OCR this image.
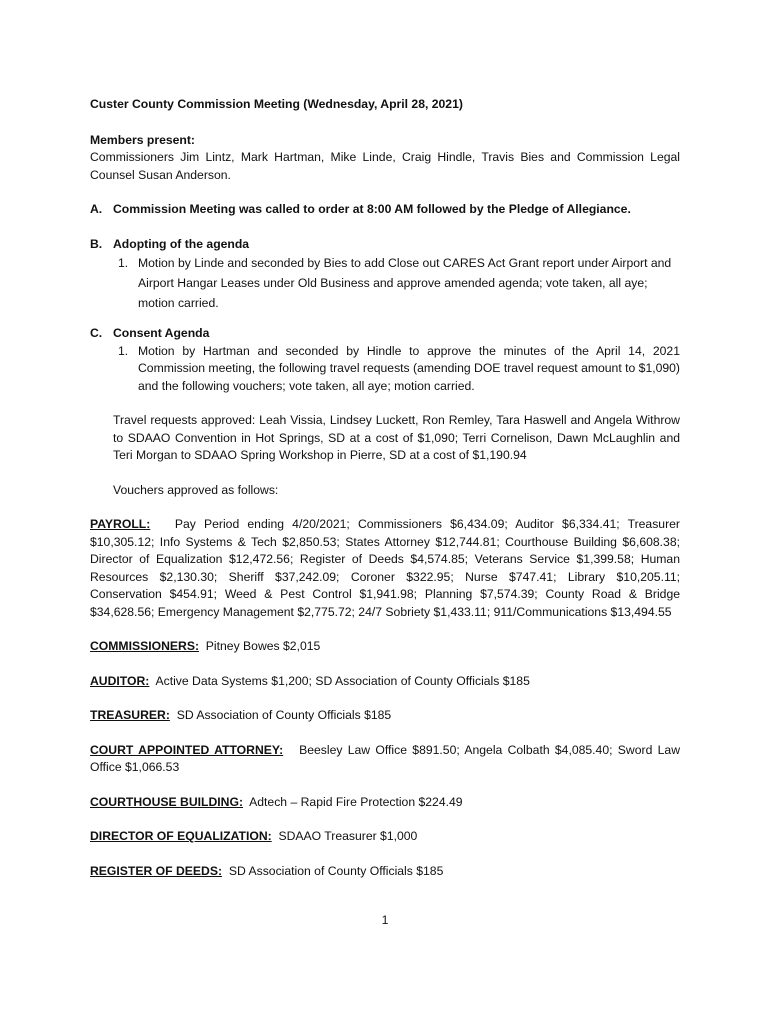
Custer County Commission Meeting (Wednesday, April 28, 2021)
Members present:
Commissioners Jim Lintz, Mark Hartman, Mike Linde, Craig Hindle, Travis Bies and Commission Legal Counsel Susan Anderson.
A. Commission Meeting was called to order at 8:00 AM followed by the Pledge of Allegiance.
B. Adopting of the agenda
1. Motion by Linde and seconded by Bies to add Close out CARES Act Grant report under Airport and Airport Hangar Leases under Old Business and approve amended agenda; vote taken, all aye; motion carried.
C. Consent Agenda
1. Motion by Hartman and seconded by Hindle to approve the minutes of the April 14, 2021 Commission meeting, the following travel requests (amending DOE travel request amount to $1,090) and the following vouchers; vote taken, all aye; motion carried.
Travel requests approved: Leah Vissia, Lindsey Luckett, Ron Remley, Tara Haswell and Angela Withrow to SDAAO Convention in Hot Springs, SD at a cost of $1,090; Terri Cornelison, Dawn McLaughlin and Teri Morgan to SDAAO Spring Workshop in Pierre, SD at a cost of $1,190.94
Vouchers approved as follows:
PAYROLL: Pay Period ending 4/20/2021; Commissioners $6,434.09; Auditor $6,334.41; Treasurer $10,305.12; Info Systems & Tech $2,850.53; States Attorney $12,744.81; Courthouse Building $6,608.38; Director of Equalization $12,472.56; Register of Deeds $4,574.85; Veterans Service $1,399.58; Human Resources $2,130.30; Sheriff $37,242.09; Coroner $322.95; Nurse $747.41; Library $10,205.11; Conservation $454.91; Weed & Pest Control $1,941.98; Planning $7,574.39; County Road & Bridge $34,628.56; Emergency Management $2,775.72; 24/7 Sobriety $1,433.11; 911/Communications $13,494.55
COMMISSIONERS: Pitney Bowes $2,015
AUDITOR: Active Data Systems $1,200; SD Association of County Officials $185
TREASURER: SD Association of County Officials $185
COURT APPOINTED ATTORNEY: Beesley Law Office $891.50; Angela Colbath $4,085.40; Sword Law Office $1,066.53
COURTHOUSE BUILDING: Adtech – Rapid Fire Protection $224.49
DIRECTOR OF EQUALIZATION: SDAAO Treasurer $1,000
REGISTER OF DEEDS: SD Association of County Officials $185
1
